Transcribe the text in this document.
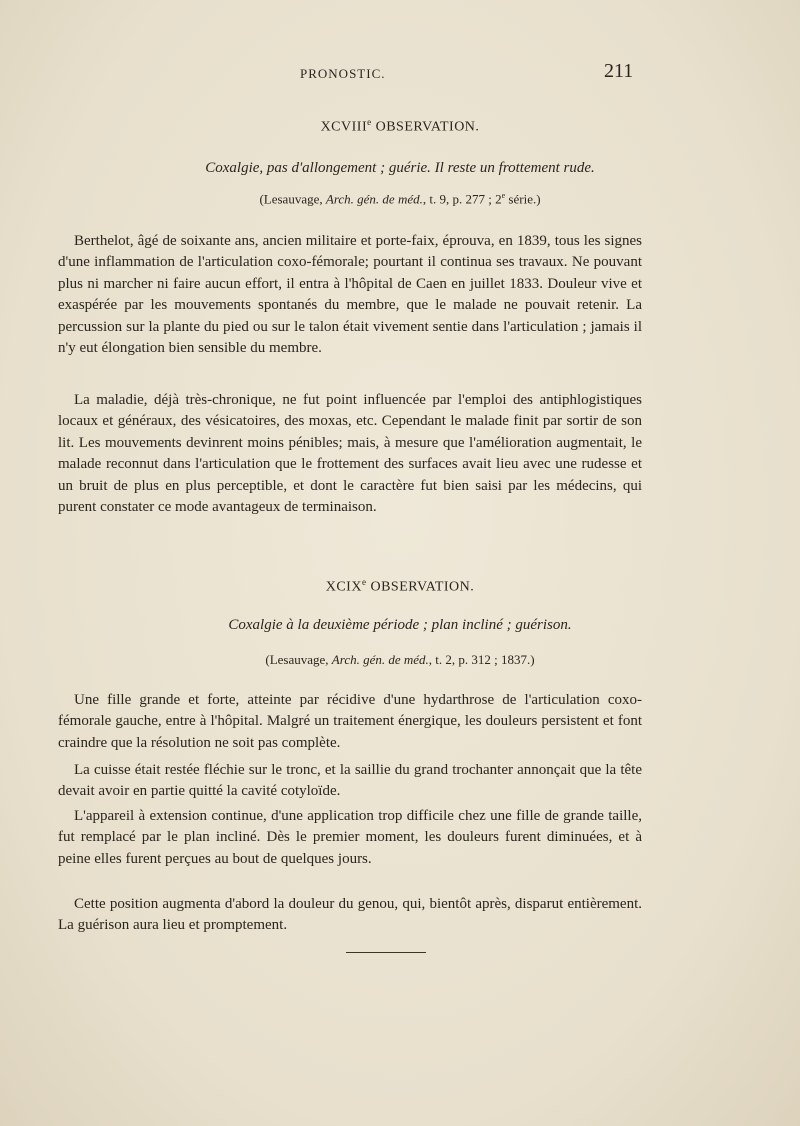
PRONOSTIC.	211
XCVIIIe OBSERVATION.
Coxalgie, pas d'allongement ; guérie. Il reste un frottement rude.
(Lesauvage, Arch. gén. de méd., t. 9, p. 277 ; 2e série.)

Berthelot, âgé de soixante ans, ancien militaire et porte-faix, éprouva, en 1839, tous les signes d'une inflammation de l'articulation coxo-fémorale; pourtant il continua ses travaux. Ne pouvant plus ni marcher ni faire aucun effort, il entra à l'hôpital de Caen en juillet 1833. Douleur vive et exaspérée par les mouvements spontanés du membre, que le malade ne pouvait retenir. La percussion sur la plante du pied ou sur le talon était vivement sentie dans l'articulation ; jamais il n'y eut élongation bien sensible du membre.

La maladie, déjà très-chronique, ne fut point influencée par l'emploi des antiphlogistiques locaux et généraux, des vésicatoires, des moxas, etc. Cependant le malade finit par sortir de son lit. Les mouvements devinrent moins pénibles; mais, à mesure que l'amélioration augmentait, le malade reconnut dans l'articulation que le frottement des surfaces avait lieu avec une rudesse et un bruit de plus en plus perceptible, et dont le caractère fut bien saisi par les médecins, qui purent constater ce mode avantageux de terminaison.

XCIXe OBSERVATION.
Coxalgie à la deuxième période ; plan incliné ; guérison.
(Lesauvage, Arch. gén. de méd., t. 2, p. 312 ; 1837.)

Une fille grande et forte, atteinte par récidive d'une hydarthrose de l'articulation coxo-fémorale gauche, entre à l'hôpital. Malgré un traitement énergique, les douleurs persistent et font craindre que la résolution ne soit pas complète.

La cuisse était restée fléchie sur le tronc, et la saillie du grand trochanter annonçait que la tête devait avoir en partie quitté la cavité cotyloïde.

L'appareil à extension continue, d'une application trop difficile chez une fille de grande taille, fut remplacé par le plan incliné. Dès le premier moment, les douleurs furent diminuées, et à peine elles furent perçues au bout de quelques jours.

Cette position augmenta d'abord la douleur du genou, qui, bientôt après, disparut entièrement. La guérison aura lieu et promptement.
